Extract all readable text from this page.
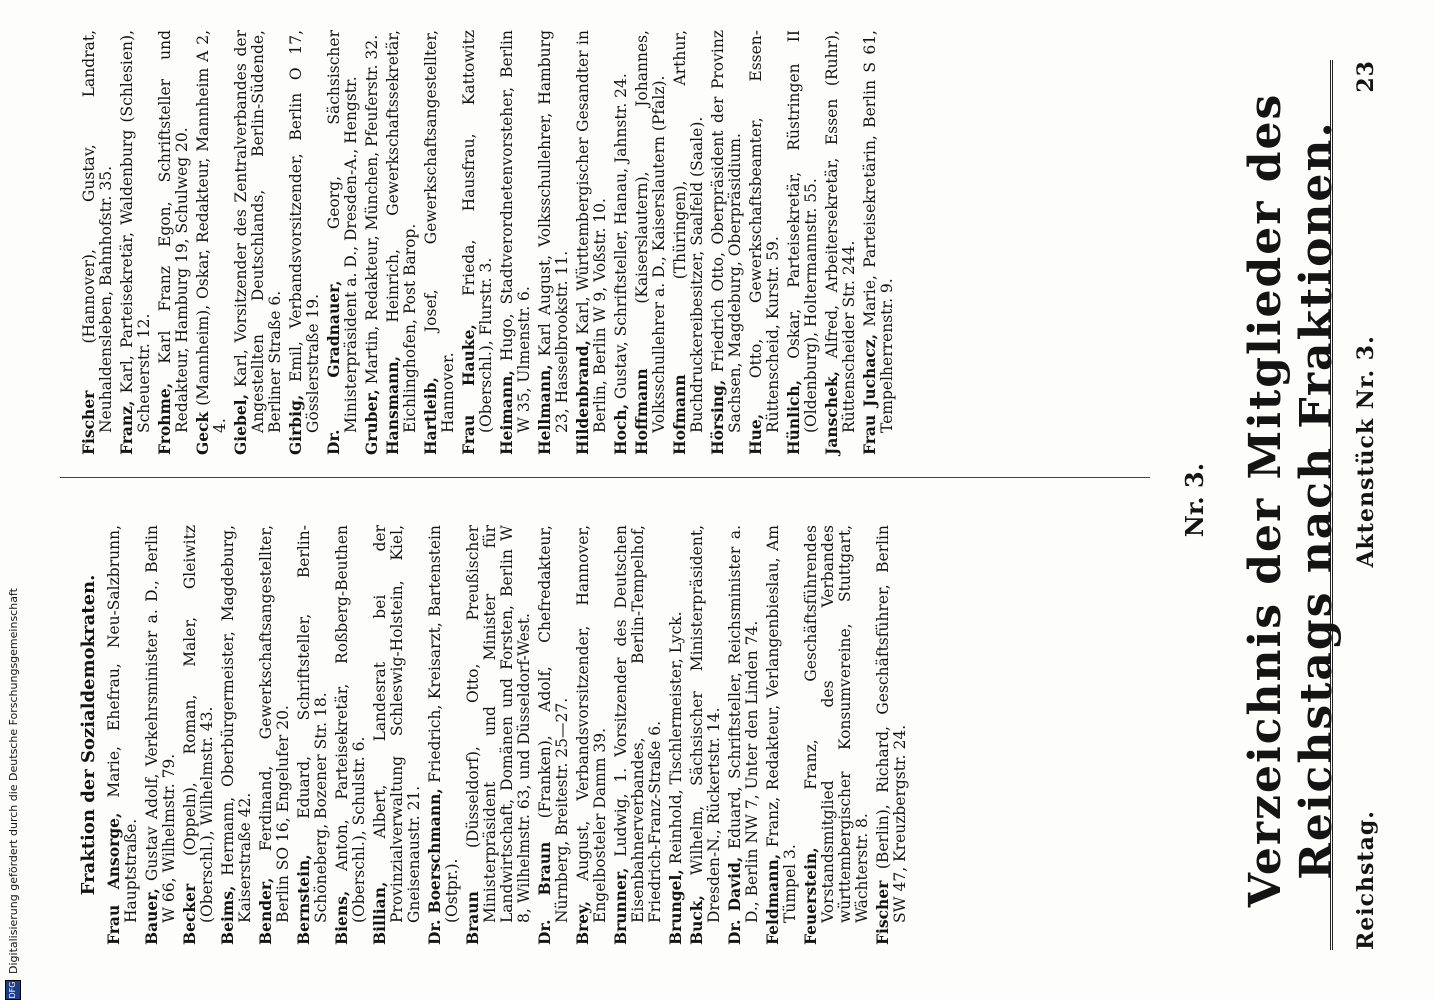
Reichstag.
Aktenstück Nr. 3.
23
Verzeichnis der Mitglieder des Reichstags nach Fraktionen.
Nr. 3.
Fraktion der Sozialdemokraten. Frau Ansorge, Marie, Ehefrau, Neu-Salzbrunn, Hauptstraße. Bauer, Gustav Adolf, Verkehrsminister a. D., Berlin W 66, Wilhelmstr. 79. Becker (Oppeln), Roman, Maler, Gleiwitz (Oberschl.), Wilhelmstr. 43. Beims, Hermann, Oberbürgermeister, Magdeburg, Kaiserstraße 42. Bender, Ferdinand, Gewerkschaftsangestellter, Berlin SO 16, Engelufer 20. Bernstein, Eduard, Schriftsteller, Berlin-Schöneberg, Bozener Str. 18. Biens, Anton, Parteisekretär, Roßberg-Beuthen (Oberschl.), Schulstr. 6. Billian, Albert, Landesrat bei der Provinzialverwaltung Schleswig-Holstein, Kiel, Gneisenaustr. 21. Dr. Boerschmann, Friedrich, Kreisarzt, Bartenstein (Ostpr.). Braun (Düsseldorf), Otto, Preußischer Ministerpräsident und Minister für Landwirtschaft, Domänen und Forsten, Berlin W 8, Wilhelmstr. 63, und Düsseldorf-West. Dr. Braun (Franken), Adolf, Chefredakteur, Nürnberg, Breitestr. 25—27. Brey, August, Verbandsvorsitzender, Hannover, Engelbosteler Damm 39. Brunner, Ludwig, 1. Vorsitzender des Deutschen Eisenbahnerverbandes, Berlin-Tempelhof, Friedrich-Franz-Straße 6. Brungel, Reinhold, Tischlermeister, Lyck.
Buck, Wilhelm, Sächsischer Ministerpräsident, Dresden-N., Rückertstr. 14. Dr. David, Eduard, Schriftsteller, Reichsminister a. D., Berlin NW 7, Unter den Linden 74. Feldmann, Franz, Redakteur, Verlangenbieslau, Am Tümpel 3. Feuerstein, Franz, Geschäftsführendes Vorstandsmitglied des Verbandes württembergischer Konsumvereine, Stuttgart, Wächterstr. 8. Fischer (Berlin), Richard, Geschäftsführer, Berlin SW 47, Kreuzbergstr. 24.
Fischer (Hannover), Gustav, Landrat, Neuhaldensleben, Bahnhofstr. 35. Franz, Karl, Parteisekretär, Waldenburg (Schlesien), Scheuerstr. 12. Frohme, Karl Franz Egon, Schriftsteller und Redakteur, Hamburg 19, Schulweg 20.
Geck (Mannheim), Oskar, Redakteur, Mannheim A 2, 4. Giebel, Karl, Vorsitzender des Zentralverbandes der Angestellten Deutschlands, Berlin-Südende, Berliner Straße 6. Girbig, Emil, Verbandsvorsitzender, Berlin O 17, Gösslerstraße 19. Dr. Gradnauer, Georg, Sächsischer Ministerpräsident a. D., Dresden-A., Hengstr. Gruber, Martin, Redakteur, München, Pfeuferstr. 32.
Hansmann, Heinrich, Gewerkschaftssekretär, Eichlinghofen, Post Barop. Hartleib, Josef, Gewerkschaftsangestellter, Hannover. Frau Hauke, Frieda, Hausfrau, Kattowitz (Oberschl.), Flurstr. 3. Heimann, Hugo, Stadtverordnetenvorsteher, Berlin W 35, Ulmenstr. 6. Hellmann, Karl August, Volksschullehrer, Hamburg 23, Hasselbrookstr. 11. Hildenbrand, Karl, Württembergischer Gesandter in Berlin, Berlin W 9, Voßstr. 10. Hoch, Gustav, Schriftsteller, Hanau, Jahnstr. 24.
Hoffmann (Kaiserslautern), Johannes, Volksschullehrer a. D., Kaiserslautern (Pfalz). Hofmann (Thüringen), Arthur, Buchdruckereibesitzer, Saalfeld (Saale). Hörsing, Friedrich Otto, Oberpräsident der Provinz Sachsen, Magdeburg, Oberpräsidium.
Hue, Otto, Gewerkschaftsbeamter, Essen-Rüttenscheid, Kurstr. 59. Hünlich, Oskar, Parteisekretär, Rüstringen II (Oldenburg), Holtermannstr. 55. Janschek, Alfred, Arbeitersekretär, Essen (Ruhr), Rüttenscheider Str. 244. Frau Juchacz, Marie, Parteisekretärin, Berlin S 61, Tempelherrenstr. 9.
DFG
Digitalisierung gefördert durch die Deutsche Forschungsgemeinschaft
